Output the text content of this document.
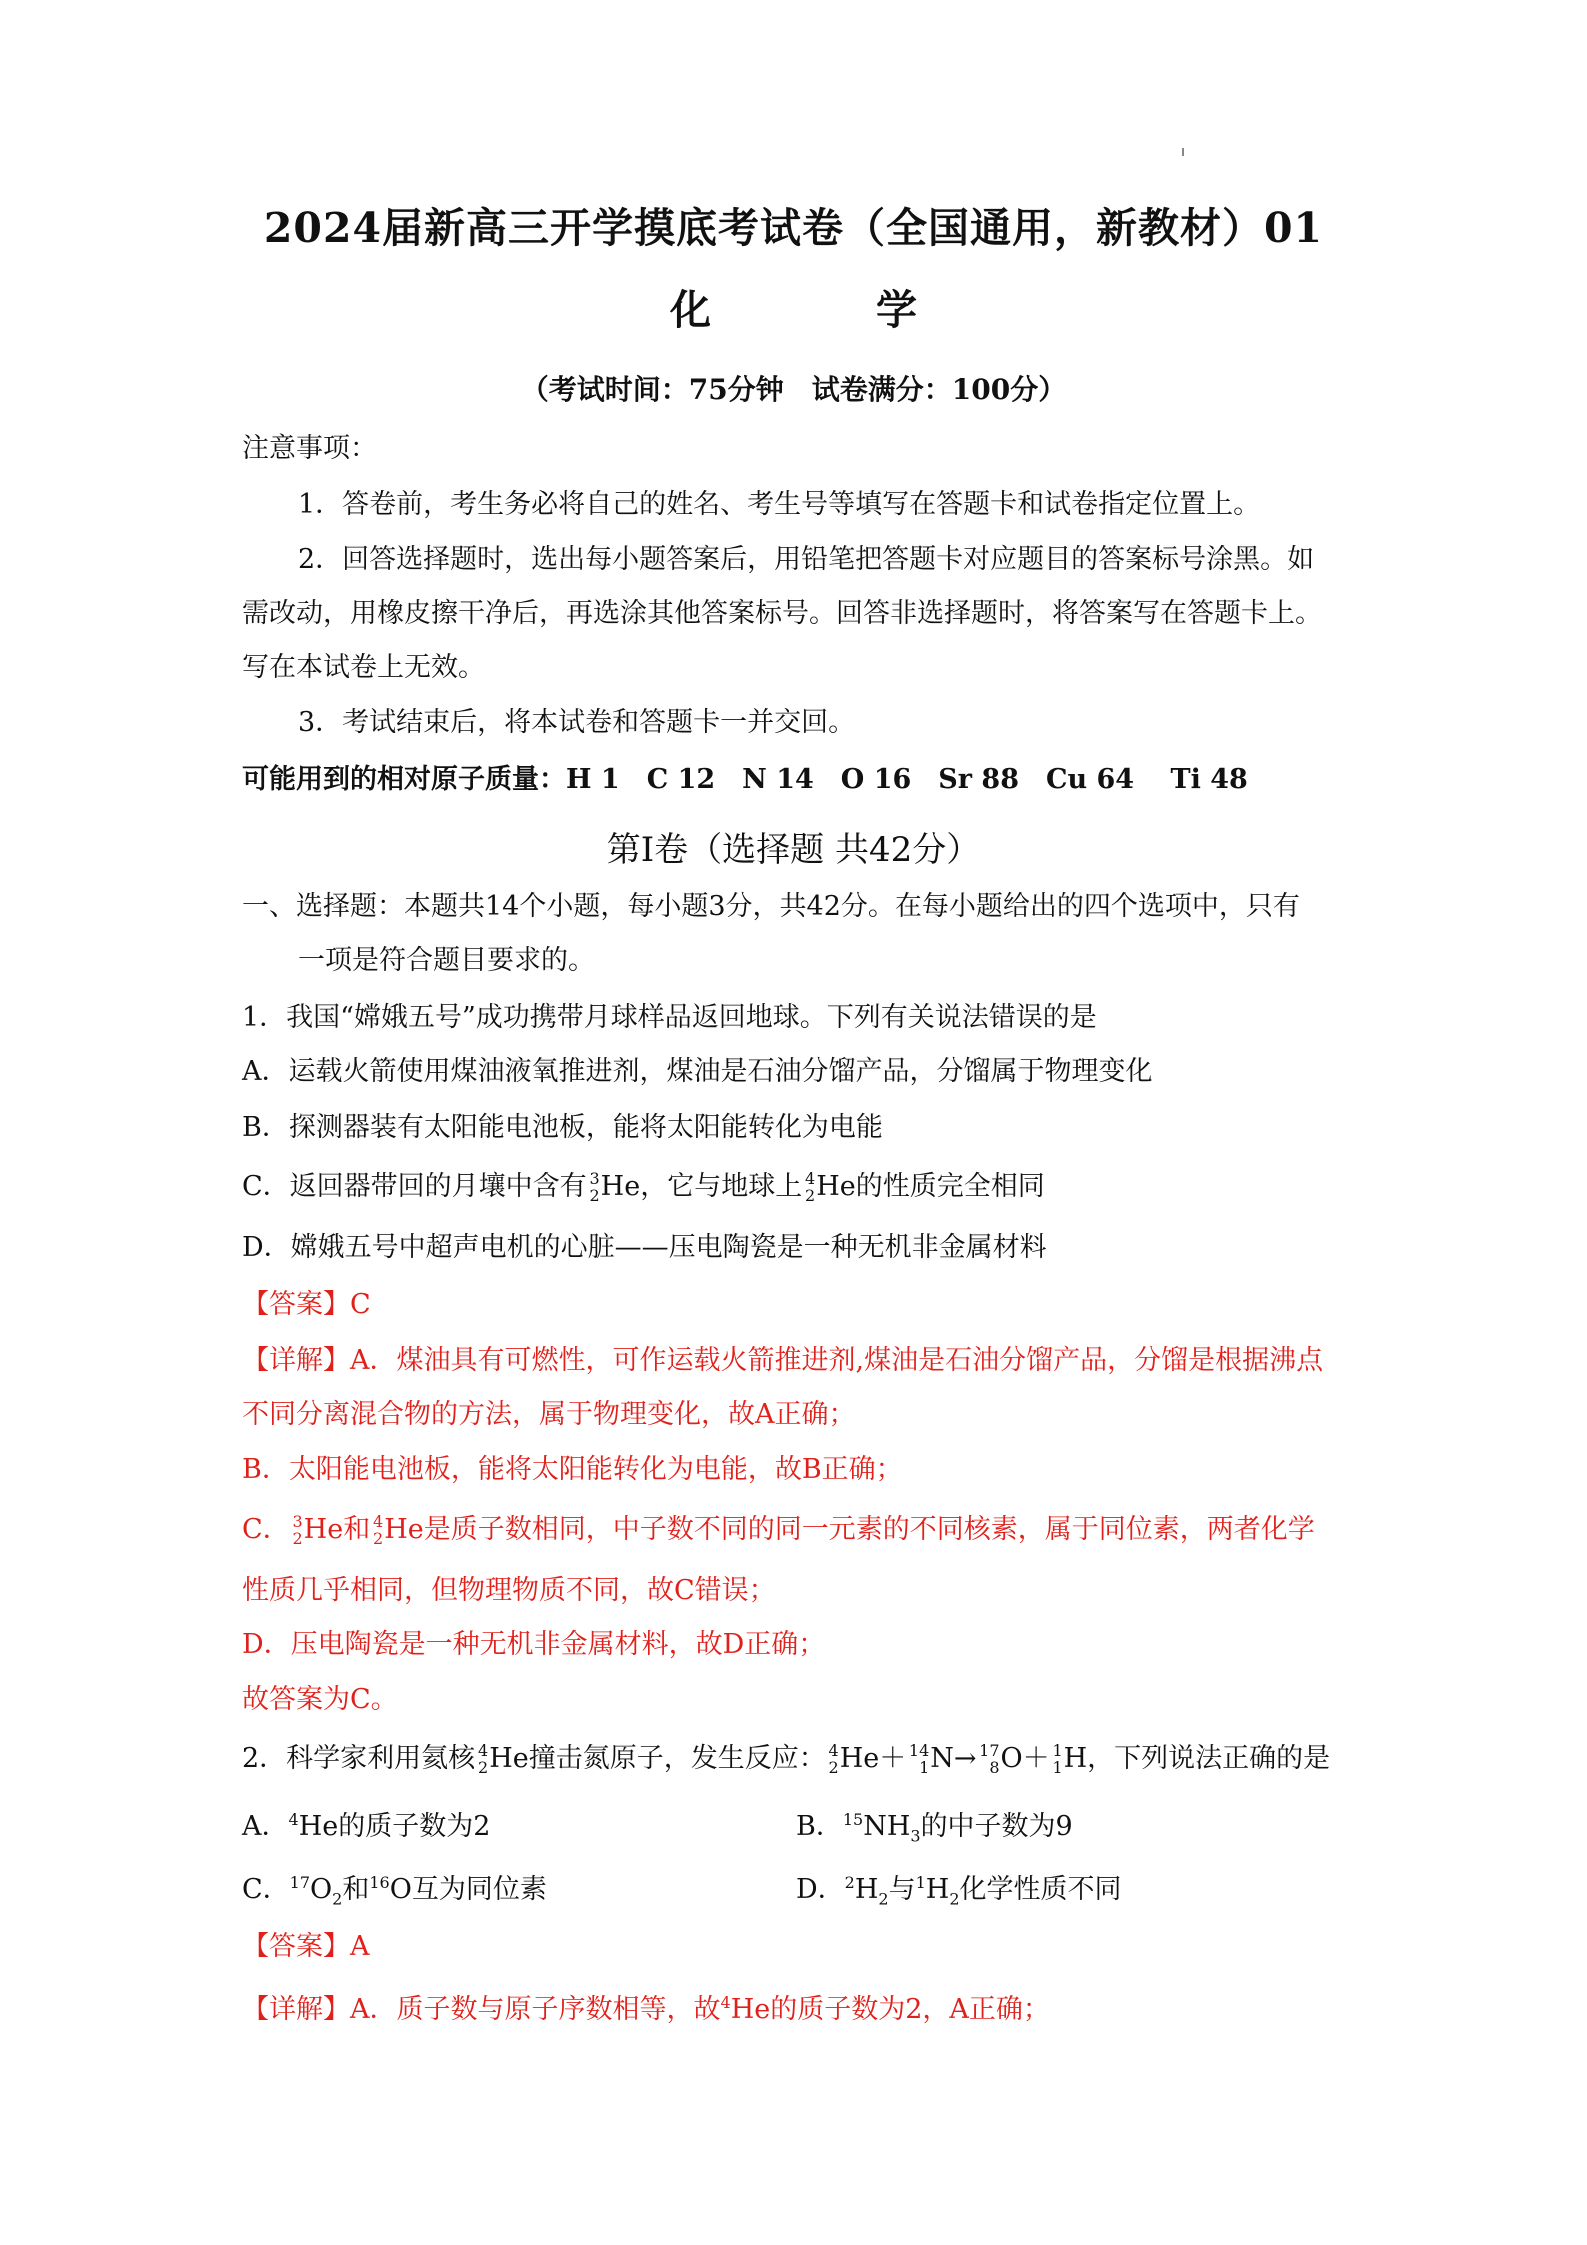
2024届新高三开学摸底考试卷（全国通用，新教材）01
化　学
（考试时间：75分钟　试卷满分：100分）
注意事项：
1．答卷前，考生务必将自己的姓名、考生号等填写在答题卡和试卷指定位置上。
2．回答选择题时，选出每小题答案后，用铅笔把答题卡对应题目的答案标号涂黑。如
需改动，用橡皮擦干净后，再选涂其他答案标号。回答非选择题时，将答案写在答题卡上。
写在本试卷上无效。
3．考试结束后，将本试卷和答题卡一并交回。
可能用到的相对原子质量：H 1　C 12　N 14　O 16　Sr 88　Cu 64　 Ti 48
第Ⅰ卷（选择题 共42分）
一、选择题：本题共14个小题，每小题3分，共42分。在每小题给出的四个选项中，只有
一项是符合题目要求的。
1．我国“嫦娥五号”成功携带月球样品返回地球。下列有关说法错误的是
A．运载火箭使用煤油液氧推进剂，煤油是石油分馏产品，分馏属于物理变化
B．探测器装有太阳能电池板，能将太阳能转化为电能
C．返回器带回的月壤中含有 3
2 He，它与地球上 4
2 He的性质完全相同
D．嫦娥五号中超声电机的心脏——压电陶瓷是一种无机非金属材料
【答案】C
【详解】A．煤油具有可燃性，可作运载火箭推进剂,煤油是石油分馏产品，分馏是根据沸点
不同分离混合物的方法，属于物理变化，故A正确；
B．太阳能电池板，能将太阳能转化为电能，故B正确；
C． 3
2 He和 4
2 He是质子数相同，中子数不同的同一元素的不同核素，属于同位素，两者化学
性质几乎相同，但物理物质不同，故C错误；
D．压电陶瓷是一种无机非金属材料，故D正确；
故答案为C。
2．科学家利用氦核 4
2 He撞击氮原子，发生反应： 4
2 He＋ 14
1 N→ 17
8 O＋ 1
1 H，下列说法正确的是
A．$^4$He的质子数为2	B．$^{15}NH_3$的中子数为9
C．$^{17}O_2$和$^{16}$O互为同位素	D．$^2H_2$与$^1H_2$化学性质不同
【答案】A
【详解】A．质子数与原子序数相等，故$^4$He的质子数为2，A正确；
